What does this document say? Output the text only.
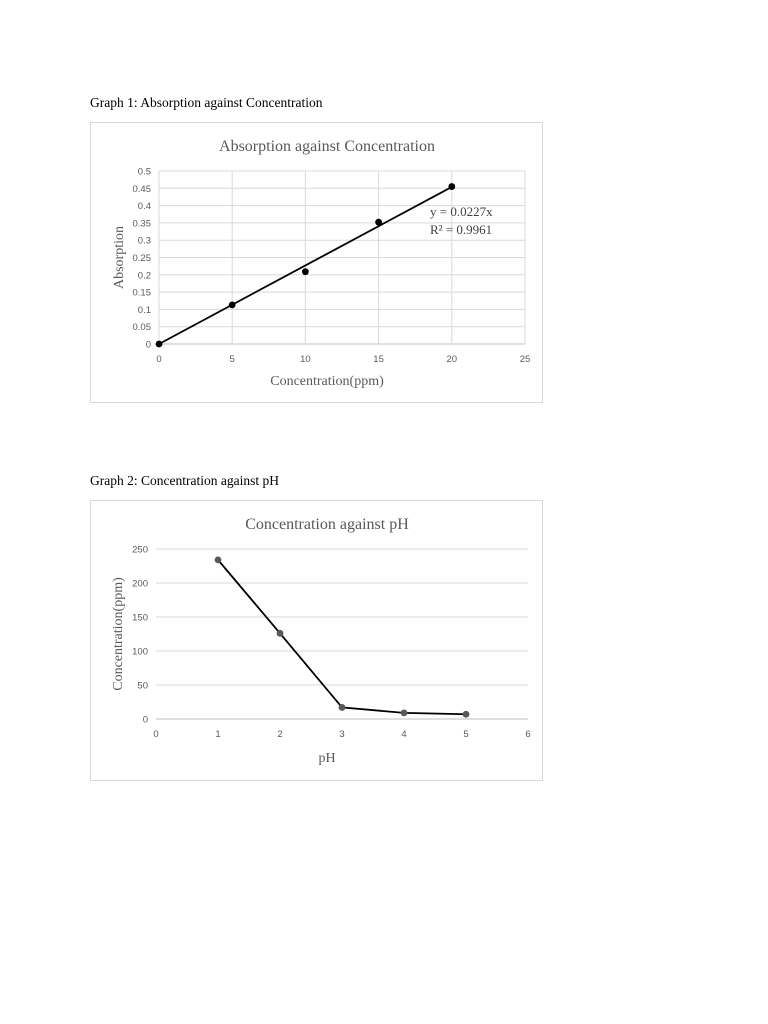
Graph 1: Absorption against Concentration
Absorption against Concentration
0
0.05
0.1
0.15
0.2
0.25
0.3
0.35
0.4
0.45
0.5
0	5	10	15	20	25
Concentration(ppm)
Absorption
y = 0.0227x
R² = 0.9961
Graph 2: Concentration against pH
Concentration against pH
0
50
100
150
200
250
0	1	2	3	4	5	6
pH
Concentration(ppm)
